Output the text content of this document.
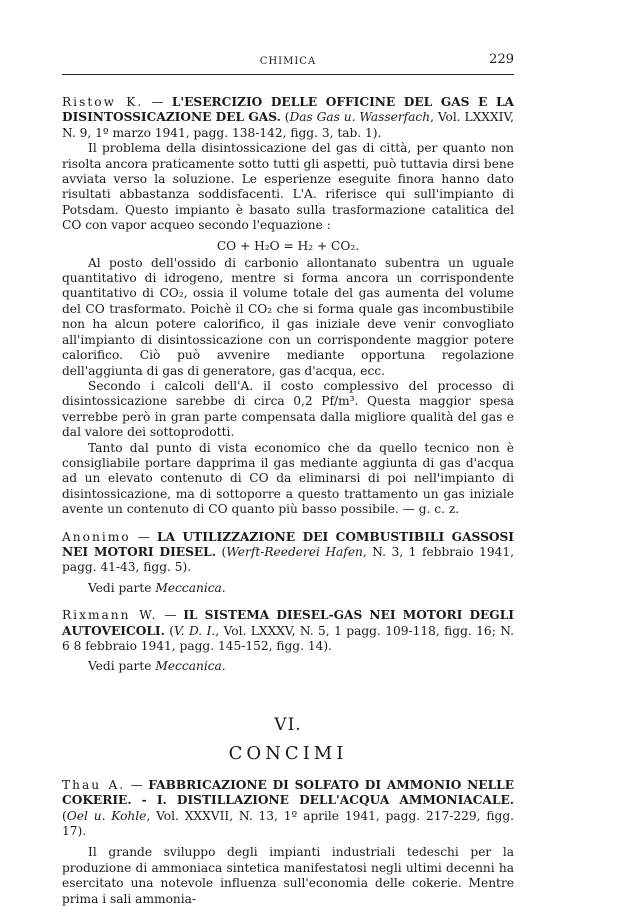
CHIMICA	229
Ristow K. — L'ESERCIZIO DELLE OFFICINE DEL GAS E LA DISINTOSSICAZIONE DEL GAS. (Das Gas u. Wasserfach, Vol. LXXXIV, N. 9, 1º marzo 1941, pagg. 138-142, figg. 3, tab. 1).

Il problema della disintossicazione del gas di città, per quanto non risolta ancora praticamente sotto tutti gli aspetti, può tuttavia dirsi bene avviata verso la soluzione. Le esperienze eseguite finora hanno dato risultati abbastanza soddisfacenti. L'A. riferisce qui sull'impianto di Potsdam. Questo impianto è basato sulla trasformazione catalitica del CO con vapor acqueo secondo l'equazione :

CO + H₂O = H₂ + CO₂.

Al posto dell'ossido di carbonio allontanato subentra un uguale quantitativo di idrogeno, mentre si forma ancora un corrispondente quantitativo di CO₂, ossia il volume totale del gas aumenta del volume del CO trasformato. Poichè il CO₂ che si forma quale gas incombustibile non ha alcun potere calorifico, il gas iniziale deve venir convogliato all'impianto di disintossicazione con un corrispondente maggior potere calorifico. Ciò può avvenire mediante opportuna regolazione dell'aggiunta di gas di generatore, gas d'acqua, ecc.

Secondo i calcoli dell'A. il costo complessivo del processo di disintossicazione sarebbe di circa 0,2 Pf/m³. Questa maggior spesa verrebbe però in gran parte compensata dalla migliore qualità del gas e dal valore dei sottoprodotti.

Tanto dal punto di vista economico che da quello tecnico non è consigliabile portare dapprima il gas mediante aggiunta di gas d'acqua ad un elevato contenuto di CO da eliminarsi di poi nell'impianto di disintossicazione, ma di sottoporre a questo trattamento un gas iniziale avente un contenuto di CO quanto più basso possibile. — g. c. z.

Anonimo — LA UTILIZZAZIONE DEI COMBUSTIBILI GASSOSI NEI MOTORI DIESEL. (Werft-Reederei Hafen, N. 3, 1 febbraio 1941, pagg. 41-43, figg. 5).
Vedi parte Meccanica.
Rixmann W. — IL SISTEMA DIESEL-GAS NEI MOTORI DEGLI AUTOVEICOLI. (V. D. I., Vol. LXXXV, N. 5, 1 pagg. 109-118, figg. 16; N. 6 8 febbraio 1941, pagg. 145-152, figg. 14).
Vedi parte Meccanica.
VI.
CONCIMI
Thau A. — FABBRICAZIONE DI SOLFATO DI AMMONIO NELLE COKERIE. - I. DISTILLAZIONE DELL'ACQUA AMMONIACALE. (Oel u. Kohle, Vol. XXXVII, N. 13, 1º aprile 1941, pagg. 217-229, figg. 17).

Il grande sviluppo degli impianti industriali tedeschi per la produzione di ammoniaca sintetica manifestatosi negli ultimi decenni ha esercitato una notevole influenza sull'economia delle cokerie. Mentre prima i sali ammonia-
